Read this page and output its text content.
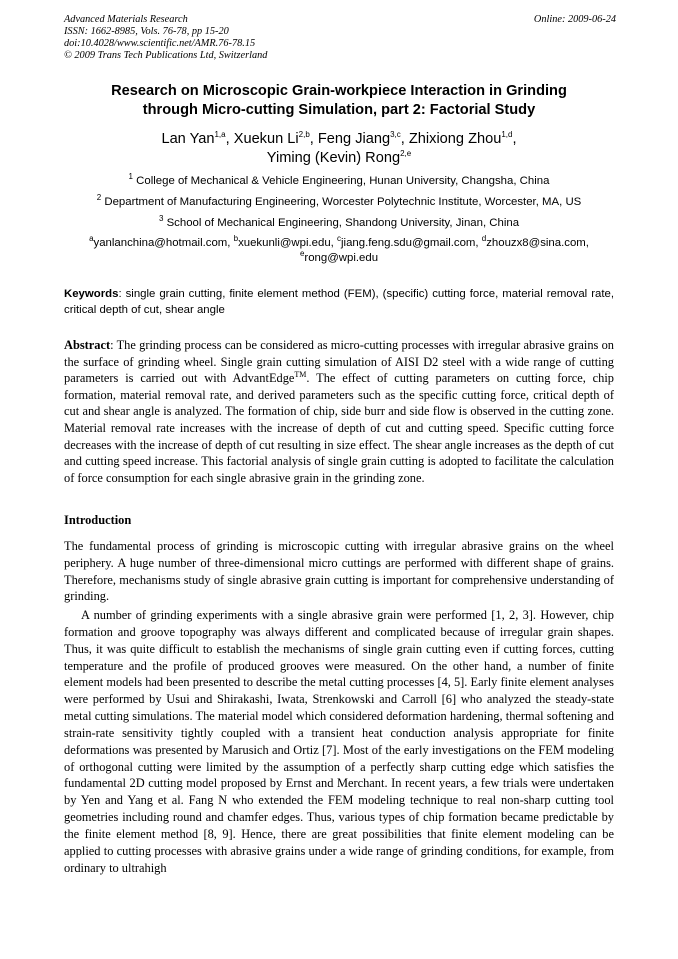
Advanced Materials Research
ISSN: 1662-8985, Vols. 76-78, pp 15-20
doi:10.4028/www.scientific.net/AMR.76-78.15
© 2009 Trans Tech Publications Ltd, Switzerland
Online: 2009-06-24
Research on Microscopic Grain-workpiece Interaction in Grinding
through Micro-cutting Simulation, part 2: Factorial Study
Lan Yan$^{1,a}$, Xuekun Li$^{2,b}$, Feng Jiang$^{3,c}$, Zhixiong Zhou$^{1,d}$,
Yiming (Kevin) Rong$^{2,e}$
$^1$ College of Mechanical & Vehicle Engineering, Hunan University, Changsha, China
$^2$ Department of Manufacturing Engineering, Worcester Polytechnic Institute, Worcester, MA, US
$^3$ School of Mechanical Engineering, Shandong University, Jinan, China
$^a$yanlanchina@hotmail.com, $^b$xuekunli@wpi.edu, $^c$jiang.feng.sdu@gmail.com, $^d$zhouzx8@sina.com,
$^e$rong@wpi.edu
Keywords: single grain cutting, finite element method (FEM), (specific) cutting force, material removal rate, critical depth of cut, shear angle
Abstract: The grinding process can be considered as micro-cutting processes with irregular abrasive grains on the surface of grinding wheel. Single grain cutting simulation of AISI D2 steel with a wide range of cutting parameters is carried out with AdvantEdge™. The effect of cutting parameters on cutting force, chip formation, material removal rate, and derived parameters such as the specific cutting force, critical depth of cut and shear angle is analyzed. The formation of chip, side burr and side flow is observed in the cutting zone. Material removal rate increases with the increase of depth of cut and cutting speed. Specific cutting force decreases with the increase of depth of cut resulting in size effect. The shear angle increases as the depth of cut and cutting speed increase. This factorial analysis of single grain cutting is adopted to facilitate the calculation of force consumption for each single abrasive grain in the grinding zone.
Introduction
The fundamental process of grinding is microscopic cutting with irregular abrasive grains on the wheel periphery. A huge number of three-dimensional micro cuttings are performed with different shape of grains. Therefore, mechanisms study of single abrasive grain cutting is important for comprehensive understanding of grinding.
A number of grinding experiments with a single abrasive grain were performed [1, 2, 3]. However, chip formation and groove topography was always different and complicated because of irregular grain shapes. Thus, it was quite difficult to establish the mechanisms of single grain cutting even if cutting forces, cutting temperature and the profile of produced grooves were measured. On the other hand, a number of finite element models had been presented to describe the metal cutting processes [4, 5]. Early finite element analyses were performed by Usui and Shirakashi, Iwata, Strenkowski and Carroll [6] who analyzed the steady-state metal cutting simulations. The material model which considered deformation hardening, thermal softening and strain-rate sensitivity tightly coupled with a transient heat conduction analysis appropriate for finite deformations was presented by Marusich and Ortiz [7]. Most of the early investigations on the FEM modeling of orthogonal cutting were limited by the assumption of a perfectly sharp cutting edge which satisfies the fundamental 2D cutting model proposed by Ernst and Merchant. In recent years, a few trials were undertaken by Yen and Yang et al. Fang N who extended the FEM modeling technique to real non-sharp cutting tool geometries including round and chamfer edges. Thus, various types of chip formation became predictable by the finite element method [8, 9]. Hence, there are great possibilities that finite element modeling can be applied to cutting processes with abrasive grains under a wide range of grinding conditions, for example, from ordinary to ultrahigh
